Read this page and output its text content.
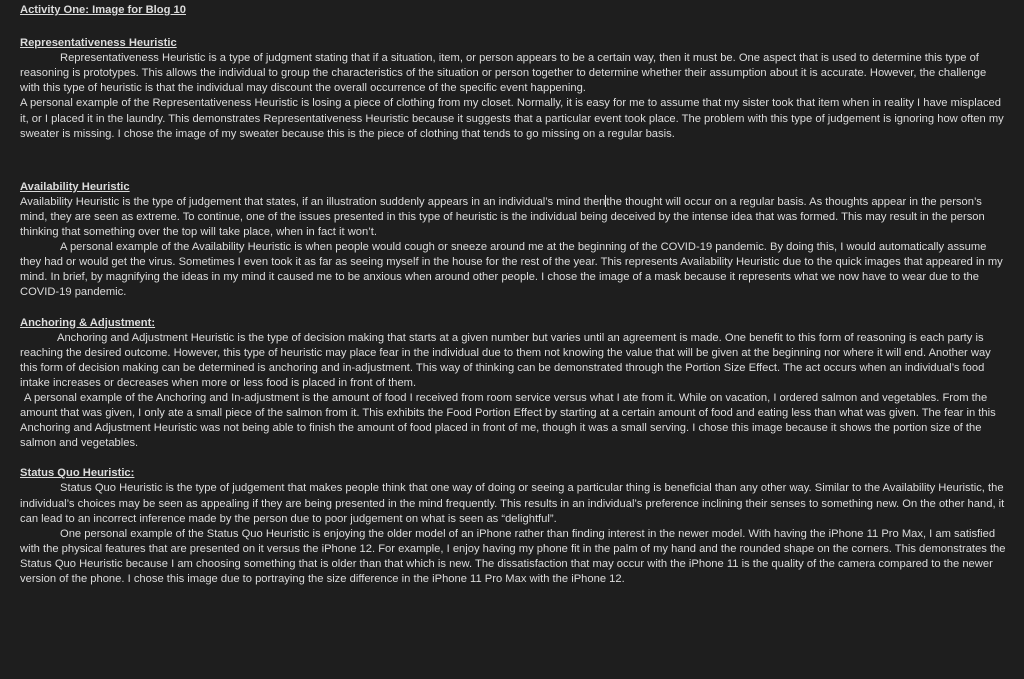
Activity One: Image for Blog 10
Representativeness Heuristic

Representativeness Heuristic is a type of judgment stating that if a situation, item, or person appears to be a certain way, then it must be. One aspect that is used to determine this type of reasoning is prototypes. This allows the individual to group the characteristics of the situation or person together to determine whether their assumption about it is accurate. However, the challenge with this type of heuristic is that the individual may discount the overall occurrence of the specific event happening.

A personal example of the Representativeness Heuristic is losing a piece of clothing from my closet. Normally, it is easy for me to assume that my sister took that item when in reality I have misplaced it, or I placed it in the laundry. This demonstrates Representativeness Heuristic because it suggests that a particular event took place. The problem with this type of judgement is ignoring how often my sweater is missing. I chose the image of my sweater because this is the piece of clothing that tends to go missing on a regular basis.

Availability Heuristic

Availability Heuristic is the type of judgement that states, if an illustration suddenly appears in an individual’s mind thenthe thought will occur on a regular basis. As thoughts appear in the person’s mind, they are seen as extreme. To continue, one of the issues presented in this type of heuristic is the individual being deceived by the intense idea that was formed. This may result in the person thinking that something over the top will take place, when in fact it won’t.

A personal example of the Availability Heuristic is when people would cough or sneeze around me at the beginning of the COVID-19 pandemic. By doing this, I would automatically assume they had or would get the virus. Sometimes I even took it as far as seeing myself in the house for the rest of the year. This represents Availability Heuristic due to the quick images that appeared in my mind. In brief, by magnifying the ideas in my mind it caused me to be anxious when around other people. I chose the image of a mask because it represents what we now have to wear due to the COVID-19 pandemic.

Anchoring & Adjustment:

Anchoring and Adjustment Heuristic is the type of decision making that starts at a given number but varies until an agreement is made. One benefit to this form of reasoning is each party is reaching the desired outcome. However, this type of heuristic may place fear in the individual due to them not knowing the value that will be given at the beginning nor where it will end. Another way this form of decision making can be determined is anchoring and in-adjustment. This way of thinking can be demonstrated through the Portion Size Effect. The act occurs when an individual’s food intake increases or decreases when more or less food is placed in front of them.

A personal example of the Anchoring and In-adjustment is the amount of food I received from room service versus what I ate from it. While on vacation, I ordered salmon and vegetables. From the amount that was given, I only ate a small piece of the salmon from it. This exhibits the Food Portion Effect by starting at a certain amount of food and eating less than what was given. The fear in this Anchoring and Adjustment Heuristic was not being able to finish the amount of food placed in front of me, though it was a small serving. I chose this image because it shows the portion size of the salmon and vegetables.

Status Quo Heuristic:

Status Quo Heuristic is the type of judgement that makes people think that one way of doing or seeing a particular thing is beneficial than any other way. Similar to the Availability Heuristic, the individual’s choices may be seen as appealing if they are being presented in the mind frequently. This results in an individual’s preference inclining their senses to something new. On the other hand, it can lead to an incorrect inference made by the person due to poor judgement on what is seen as “delightful”.

One personal example of the Status Quo Heuristic is enjoying the older model of an iPhone rather than finding interest in the newer model. With having the iPhone 11 Pro Max, I am satisfied with the physical features that are presented on it versus the iPhone 12. For example, I enjoy having my phone fit in the palm of my hand and the rounded shape on the corners. This demonstrates the Status Quo Heuristic because I am choosing something that is older than that which is new. The dissatisfaction that may occur with the iPhone 11 is the quality of the camera compared to the newer version of the phone. I chose this image due to portraying the size difference in the iPhone 11 Pro Max with the iPhone 12.
